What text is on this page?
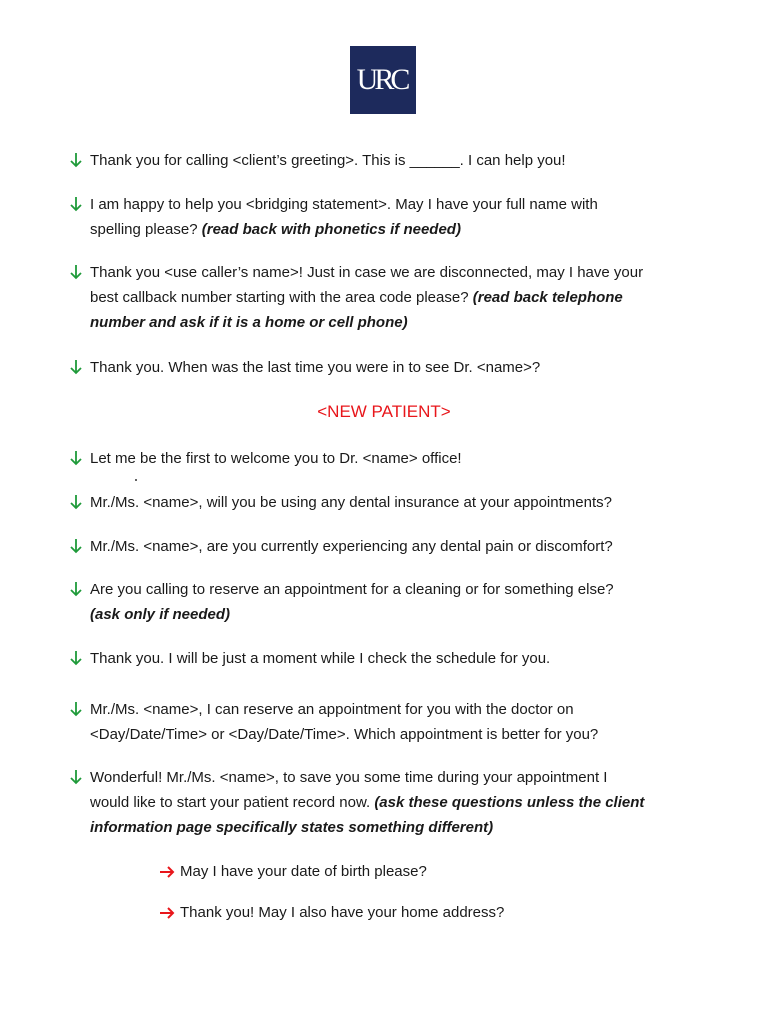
URC
Thank you for calling <client’s greeting>. This is ______. I can help you!
I am happy to help you <bridging statement>. May I have your full name with
spelling please? (read back with phonetics if needed)
Thank you <use caller’s name>! Just in case we are disconnected, may I have your
best callback number starting with the area code please? (read back telephone
number and ask if it is a home or cell phone)
Thank you. When was the last time you were in to see Dr. <name>?
<NEW PATIENT>
Let me be the first to welcome you to Dr. <name> office!
Mr./Ms. <name>, will you be using any dental insurance at your appointments?
Mr./Ms. <name>, are you currently experiencing any dental pain or discomfort?
Are you calling to reserve an appointment for a cleaning or for something else?
(ask only if needed)
Thank you. I will be just a moment while I check the schedule for you.
Mr./Ms. <name>, I can reserve an appointment for you with the doctor on
<Day/Date/Time> or <Day/Date/Time>. Which appointment is better for you?
Wonderful! Mr./Ms. <name>, to save you some time during your appointment I
would like to start your patient record now. (ask these questions unless the client
information page specifically states something different)
May I have your date of birth please?
Thank you! May I also have your home address?
